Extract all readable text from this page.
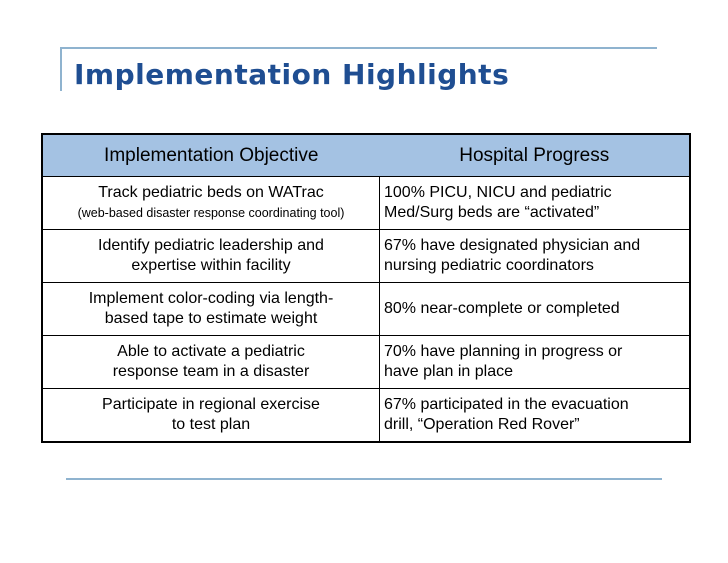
Implementation Highlights
Implementation Objective	Hospital Progress

Track pediatric beds on WATrac
(web-based disaster response coordinating tool)	100% PICU, NICU and pediatric
Med/Surg beds are “activated”

Identify pediatric leadership and
expertise within facility	67% have designated physician and
nursing pediatric coordinators

Implement color-coding via length-
based tape to estimate weight	80% near-complete or completed

Able to activate a pediatric
response team in a disaster	70% have planning in progress or
have plan in place

Participate in regional exercise
to test plan	67% participated in the evacuation
drill, “Operation Red Rover”
